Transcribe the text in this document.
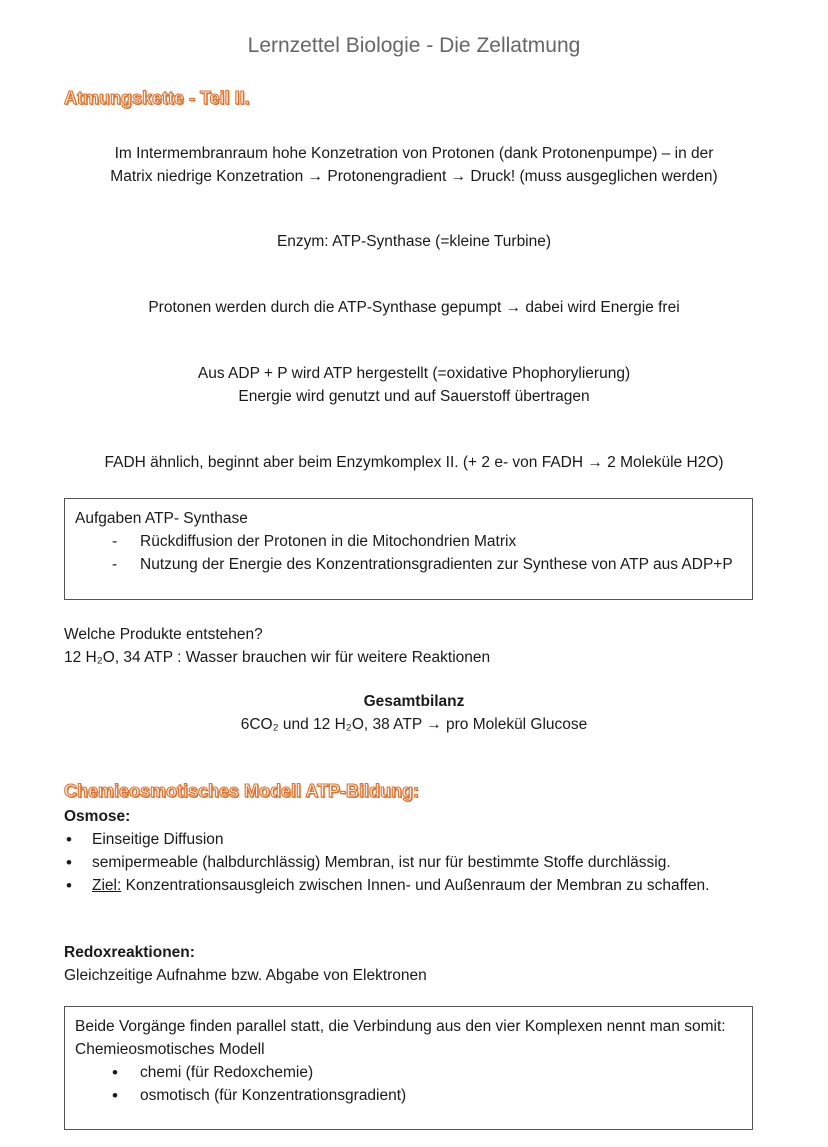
Lernzettel Biologie - Die Zellatmung
Atmungskette - Teil II.
Im Intermembranraum hohe Konzetration von Protonen (dank Protonenpumpe) – in der
Matrix niedrige Konzetration → Protonengradient → Druck! (muss ausgeglichen werden)
Enzym: ATP-Synthase (=kleine Turbine)
Protonen werden durch die ATP-Synthase gepumpt → dabei wird Energie frei
Aus ADP + P wird ATP hergestellt (=oxidative Phophorylierung)
Energie wird genutzt und auf Sauerstoff übertragen
FADH ähnlich, beginnt aber beim Enzymkomplex II. (+ 2 e- von FADH → 2 Moleküle H2O)
Aufgaben ATP- Synthase
- Rückdiffusion der Protonen in die Mitochondrien Matrix
- Nutzung der Energie des Konzentrationsgradienten zur Synthese von ATP aus ADP+P
Welche Produkte entstehen?
12 H₂O, 34 ATP : Wasser brauchen wir für weitere Reaktionen
Gesamtbilanz
6CO₂ und 12 H₂O, 38 ATP → pro Molekül Glucose
Chemieosmotisches Modell ATP-Bildung:
Osmose:
• Einseitige Diffusion
• semipermeable (halbdurchlässig) Membran, ist nur für bestimmte Stoffe durchlässig.
• Ziel: Konzentrationsausgleich zwischen Innen- und Außenraum der Membran zu schaffen.
Redoxreaktionen:
Gleichzeitige Aufnahme bzw. Abgabe von Elektronen
Beide Vorgänge finden parallel statt, die Verbindung aus den vier Komplexen nennt man somit: Chemieosmotisches Modell
• chemi (für Redoxchemie)
• osmotisch (für Konzentrationsgradient)
